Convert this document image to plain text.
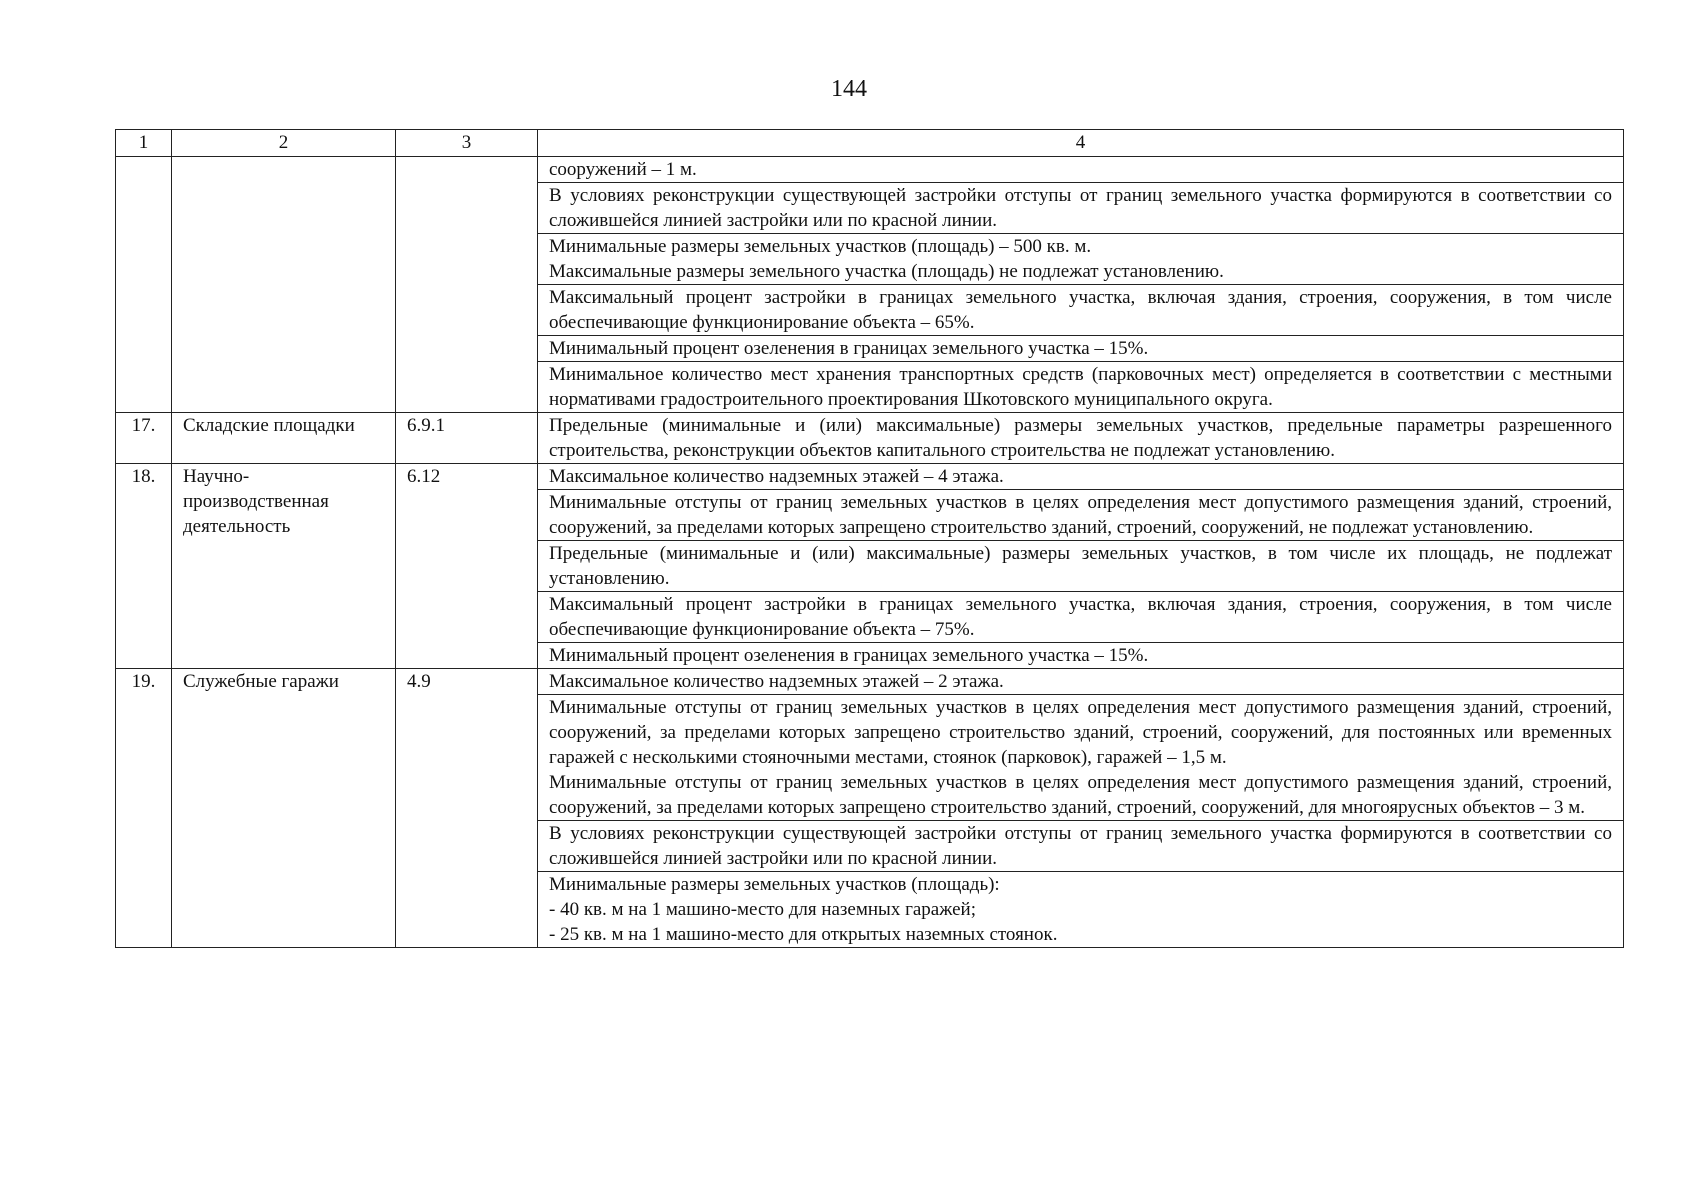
144
1	2	3	4

			сооружений – 1 м.

			В условиях реконструкции существующей застройки отступы от границ земельного участка формируются в соответствии со сложившейся линией застройки или по красной линии.

			Минимальные размеры земельных участков (площадь) – 500 кв. м.
Максимальные размеры земельного участка (площадь) не подлежат установлению.

			Максимальный процент застройки в границах земельного участка, включая здания, строения, сооружения, в том числе обеспечивающие функционирование объекта – 65%.

			Минимальный процент озеленения в границах земельного участка – 15%.

			Минимальное количество мест хранения транспортных средств (парковочных мест) определяется в соответствии с местными нормативами градостроительного проектирования Шкотовского муниципального округа.

17.	Складские площадки	6.9.1	Предельные (минимальные и (или) максимальные) размеры земельных участков, предельные параметры разрешенного строительства, реконструкции объектов капитального строительства не подлежат установлению.

18.	Научно-производственная деятельность	6.12	Максимальное количество надземных этажей – 4 этажа.

			Минимальные отступы от границ земельных участков в целях определения мест допустимого размещения зданий, строений, сооружений, за пределами которых запрещено строительство зданий, строений, сооружений, не подлежат установлению.

			Предельные (минимальные и (или) максимальные) размеры земельных участков, в том числе их площадь, не подлежат установлению.

			Максимальный процент застройки в границах земельного участка, включая здания, строения, сооружения, в том числе обеспечивающие функционирование объекта – 75%.

			Минимальный процент озеленения в границах земельного участка – 15%.

19.	Служебные гаражи	4.9	Максимальное количество надземных этажей – 2 этажа.

			Минимальные отступы от границ земельных участков в целях определения мест допустимого размещения зданий, строений, сооружений, за пределами которых запрещено строительство зданий, строений, сооружений, для постоянных или временных гаражей с несколькими стояночными местами, стоянок (парковок), гаражей – 1,5 м.
Минимальные отступы от границ земельных участков в целях определения мест допустимого размещения зданий, строений, сооружений, за пределами которых запрещено строительство зданий, строений, сооружений, для многоярусных объектов – 3 м.

			В условиях реконструкции существующей застройки отступы от границ земельного участка формируются в соответствии со сложившейся линией застройки или по красной линии.

			Минимальные размеры земельных участков (площадь):
- 40 кв. м на 1 машино-место для наземных гаражей;
- 25 кв. м на 1 машино-место для открытых наземных стоянок.
